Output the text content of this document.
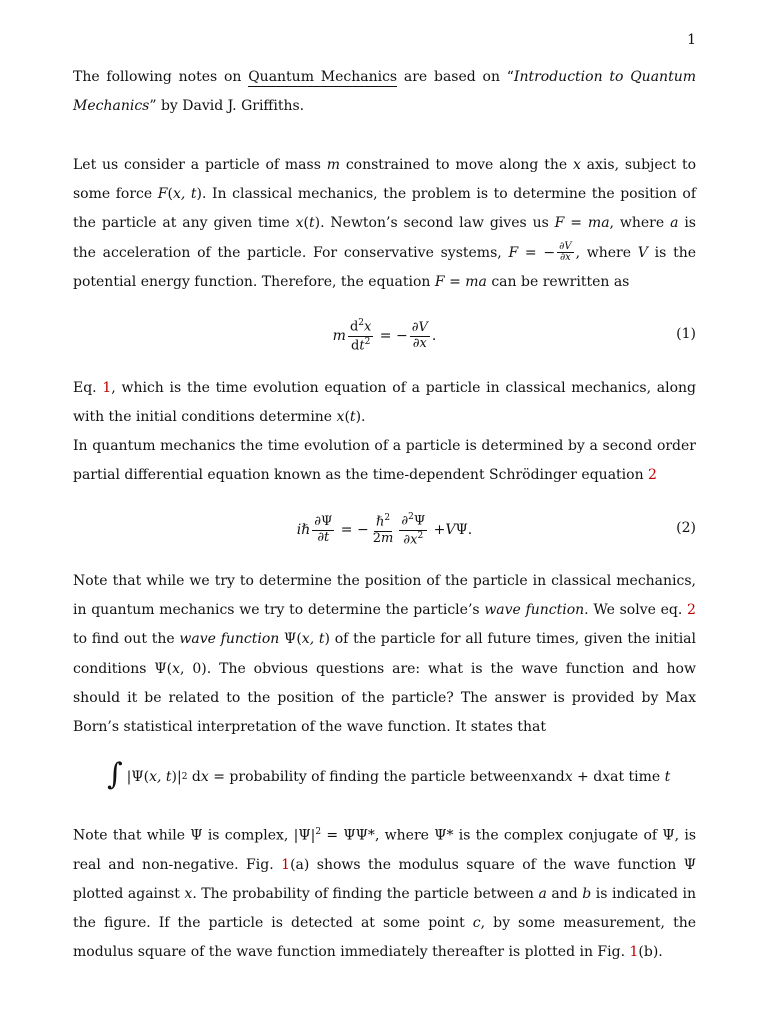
1

The following notes on Quantum Mechanics are based on “Introduction to Quantum Mechanics” by David J. Griffiths.

Let us consider a particle of mass m constrained to move along the x axis, subject to some force F(x, t). In classical mechanics, the problem is to determine the position of the particle at any given time x(t). Newton’s second law gives us F = ma, where a is the acceleration of the particle. For conservative systems, F = − $\frac{\partial V}{\partial x}$ , where V is the potential energy function. Therefore, the equation F = ma can be rewritten as

m $\frac{d^2x}{dt^2}$ = − $\frac{\partial V}{\partial x}$ .	(1)

Eq. 1, which is the time evolution equation of a particle in classical mechanics, along with the initial conditions determine x(t).

In quantum mechanics the time evolution of a particle is determined by a second order partial differential equation known as the time-dependent Schrödinger equation 2

iℏ $\frac{\partial\Psi}{\partial t}$ = − $\frac{\hbar^2}{2m} \frac{\partial^2\Psi}{\partial x^2} + V$ Ψ.	(2)

Note that while we try to determine the position of the particle in classical mechanics, in quantum mechanics we try to determine the particle’s wave function. We solve eq. 2 to find out the wave function Ψ(x, t) of the particle for all future times, given the initial conditions Ψ(x, 0). The obvious questions are: what is the wave function and how should it be related to the position of the particle? The answer is provided by Max Born’s statistical interpretation of the wave function. It states that

∫ |Ψ( x, t )| 2 d x
= probability of finding the particle between x and x + d x at time t

Note that while Ψ is complex, $|\Psi|^2 = \Psi\Psi*$, where Ψ* is the complex conjugate of Ψ, is real and non-negative. Fig. 1(a) shows the modulus square of the wave function Ψ plotted against x. The probability of finding the particle between a and b is indicated in the figure. If the particle is detected at some point c, by some measurement, the modulus square of the wave function immediately thereafter is plotted in Fig. 1(b).
